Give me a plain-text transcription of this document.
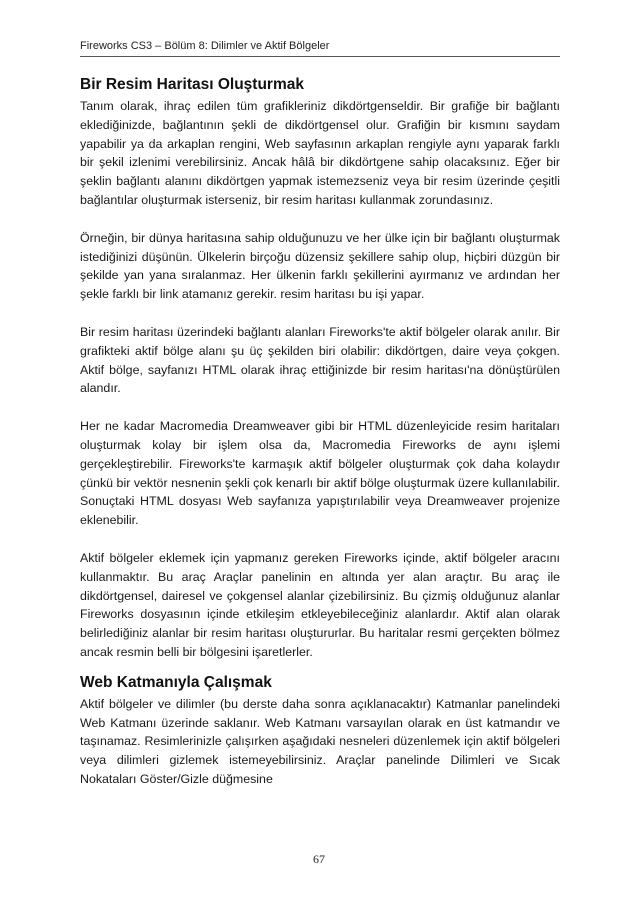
Fireworks CS3 – Bölüm 8: Dilimler ve Aktif Bölgeler
Bir Resim Haritası Oluşturmak

Tanım olarak, ihraç edilen tüm grafikleriniz dikdörtgenseldir. Bir grafiğe bir bağlantı eklediğinizde, bağlantının şekli de dikdörtgensel olur. Grafiğin bir kısmını saydam yapabilir ya da arkaplan rengini, Web sayfasının arkaplan rengiyle aynı yaparak farklı bir şekil izlenimi verebilirsiniz. Ancak hâlâ bir dikdörtgene sahip olacaksınız. Eğer bir şeklin bağlantı alanını dikdörtgen yapmak istemezseniz veya bir resim üzerinde çeşitli bağlantılar oluşturmak isterseniz, bir resim haritası kullanmak zorundasınız.

Örneğin, bir dünya haritasına sahip olduğunuzu ve her ülke için bir bağlantı oluşturmak istediğinizi düşünün. Ülkelerin birçoğu düzensiz şekillere sahip olup, hiçbiri düzgün bir şekilde yan yana sıralanmaz. Her ülkenin farklı şekillerini ayırmanız ve ardından her şekle farklı bir link atamanız gerekir. resim haritası bu işi yapar.

Bir resim haritası üzerindeki bağlantı alanları Fireworks'te aktif bölgeler olarak anılır. Bir grafikteki aktif bölge alanı şu üç şekilden biri olabilir: dikdörtgen, daire veya çokgen. Aktif bölge, sayfanızı HTML olarak ihraç ettiğinizde bir resim haritası'na dönüştürülen alandır.

Her ne kadar Macromedia Dreamweaver gibi bir HTML düzenleyicide resim haritaları oluşturmak kolay bir işlem olsa da, Macromedia Fireworks de aynı işlemi gerçekleştirebilir. Fireworks'te karmaşık aktif bölgeler oluşturmak çok daha kolaydır çünkü bir vektör nesnenin şekli çok kenarlı bir aktif bölge oluşturmak üzere kullanılabilir. Sonuçtaki HTML dosyası Web sayfanıza yapıştırılabilir veya Dreamweaver projenize eklenebilir.

Aktif bölgeler eklemek için yapmanız gereken Fireworks içinde, aktif bölgeler aracını kullanmaktır. Bu araç Araçlar panelinin en altında yer alan araçtır. Bu araç ile dikdörtgensel, dairesel ve çokgensel alanlar çizebilirsiniz. Bu çizmiş olduğunuz alanlar Fireworks dosyasının içinde etkileşim etkleyebileceğiniz alanlardır. Aktif alan olarak belirlediğiniz alanlar bir resim haritası oluştururlar. Bu haritalar resmi gerçekten bölmez ancak resmin belli bir bölgesini işaretlerler.

Web Katmanıyla Çalışmak

Aktif bölgeler ve dilimler (bu derste daha sonra açıklanacaktır) Katmanlar panelindeki Web Katmanı üzerinde saklanır. Web Katmanı varsayılan olarak en üst katmandır ve taşınamaz. Resimlerinizle çalışırken aşağıdaki nesneleri düzenlemek için aktif bölgeleri veya dilimleri gizlemek istemeyebilirsiniz. Araçlar panelinde Dilimleri ve Sıcak Nokataları Göster/Gizle düğmesine

67
